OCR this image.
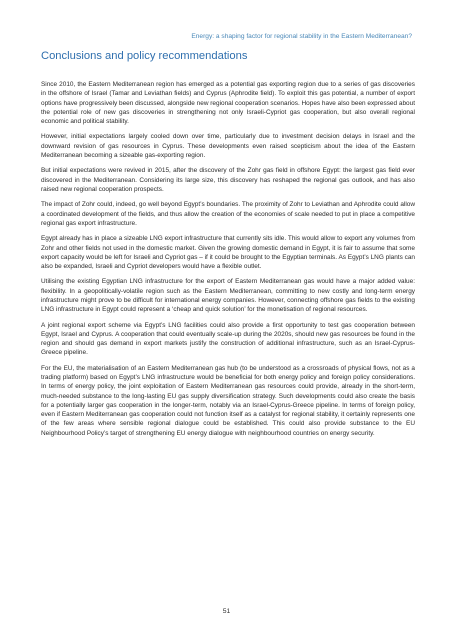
Energy: a shaping factor for regional stability in the Eastern Mediterranean?
Conclusions and policy recommendations

Since 2010, the Eastern Mediterranean region has emerged as a potential gas exporting region due to a series of gas discoveries in the offshore of Israel (Tamar and Leviathan fields) and Cyprus (Aphrodite field). To exploit this gas potential, a number of export options have progressively been discussed, alongside new regional cooperation scenarios. Hopes have also been expressed about the potential role of new gas discoveries in strengthening not only Israeli-Cypriot gas cooperation, but also overall regional economic and political stability.

However, initial expectations largely cooled down over time, particularly due to investment decision delays in Israel and the downward revision of gas resources in Cyprus. These developments even raised scepticism about the idea of the Eastern Mediterranean becoming a sizeable gas-exporting region.

But initial expectations were revived in 2015, after the discovery of the Zohr gas field in offshore Egypt: the largest gas field ever discovered in the Mediterranean. Considering its large size, this discovery has reshaped the regional gas outlook, and has also raised new regional cooperation prospects.

The impact of Zohr could, indeed, go well beyond Egypt’s boundaries. The proximity of Zohr to Leviathan and Aphrodite could allow a coordinated development of the fields, and thus allow the creation of the economies of scale needed to put in place a competitive regional gas export infrastructure.

Egypt already has in place a sizeable LNG export infrastructure that currently sits idle. This would allow to export any volumes from Zohr and other fields not used in the domestic market. Given the growing domestic demand in Egypt, it is fair to assume that some export capacity would be left for Israeli and Cypriot gas – if it could be brought to the Egyptian terminals. As Egypt’s LNG plants can also be expanded, Israeli and Cypriot developers would have a flexible outlet.

Utilising the existing Egyptian LNG infrastructure for the export of Eastern Mediterranean gas would have a major added value: flexibility. In a geopolitically-volatile region such as the Eastern Mediterranean, committing to new costly and long-term energy infrastructure might prove to be difficult for international energy companies. However, connecting offshore gas fields to the existing LNG infrastructure in Egypt could represent a ‘cheap and quick solution’ for the monetisation of regional resources.

A joint regional export scheme via Egypt’s LNG facilities could also provide a first opportunity to test gas cooperation between Egypt, Israel and Cyprus. A cooperation that could eventually scale-up during the 2020s, should new gas resources be found in the region and should gas demand in export markets justify the construction of additional infrastructure, such as an Israel-Cyprus-Greece pipeline.

For the EU, the materialisation of an Eastern Mediterranean gas hub (to be understood as a crossroads of physical flows, not as a trading platform) based on Egypt’s LNG infrastructure would be beneficial for both energy policy and foreign policy considerations. In terms of energy policy, the joint exploitation of Eastern Mediterranean gas resources could provide, already in the short-term, much-needed substance to the long-lasting EU gas supply diversification strategy. Such developments could also create the basis for a potentially larger gas cooperation in the longer-term, notably via an Israel-Cyprus-Greece pipeline. In terms of foreign policy, even if Eastern Mediterranean gas cooperation could not function itself as a catalyst for regional stability, it certainly represents one of the few areas where sensible regional dialogue could be established. This could also provide substance to the EU Neighbourhood Policy’s target of strengthening EU energy dialogue with neighbourhood countries on energy security.

51
